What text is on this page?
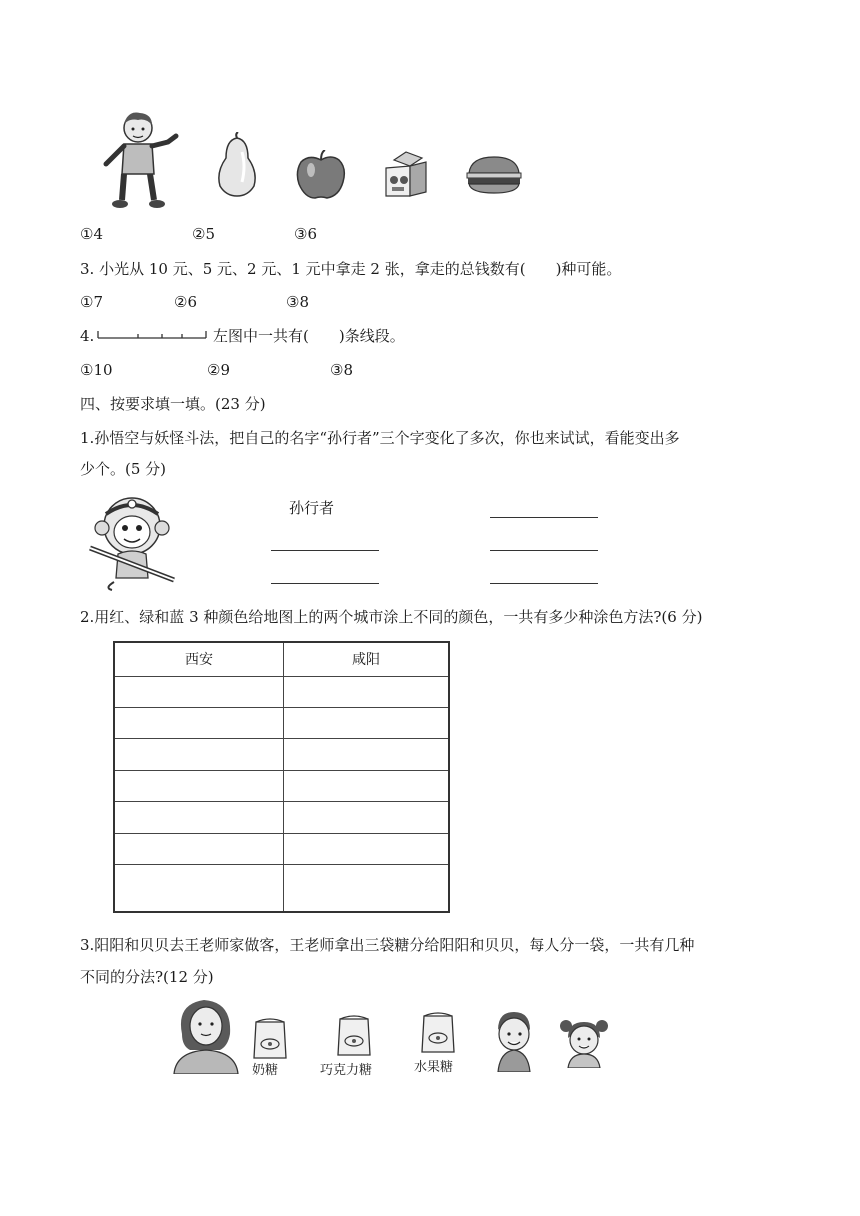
①4	②5	③6
3. 小光从 10 元、5 元、2 元、1 元中拿走 2 张，拿走的总钱数有(　　)种可能。
①7	②6	③8
4.	左图中一共有(　　)条线段。
①10	②9	③8
四、按要求填一填。(23 分)
1.孙悟空与妖怪斗法，把自己的名字“孙行者”三个字变化了多次，你也来试试，看能变出多
少个。(5 分)
孙行者
2.用红、绿和蓝 3 种颜色给地图上的两个城市涂上不同的颜色，一共有多少种涂色方法?(6 分)
西安	咸阳

3.阳阳和贝贝去王老师家做客，王老师拿出三袋糖分给阳阳和贝贝，每人分一袋，一共有几种
不同的分法?(12 分)
奶糖	巧克力糖	水果糖
